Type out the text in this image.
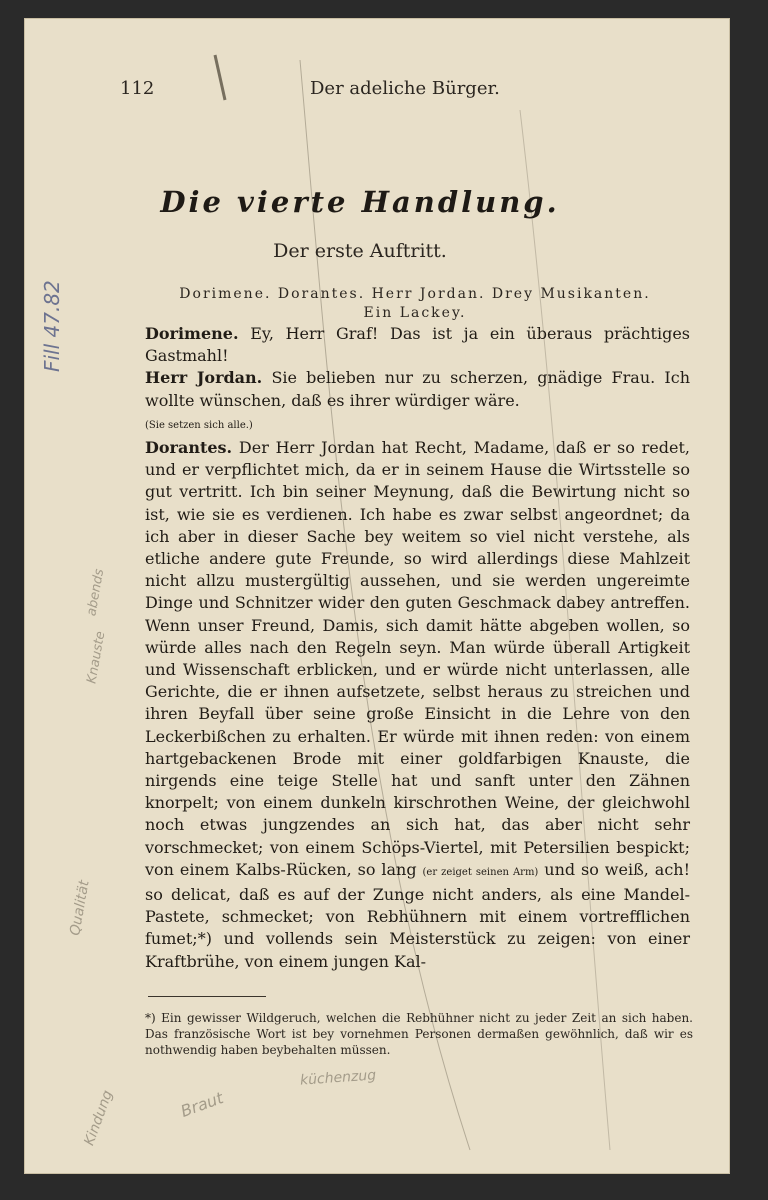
112	Der adeliche Bürger.
Die vierte Handlung.
Der erste Auftritt.
Dorimene. Dorantes. Herr Jordan. Drey Musikanten.
Ein Lackey.

Dorimene. Ey, Herr Graf! Das ist ja ein überaus prächtiges Gastmahl!

Herr Jordan. Sie belieben nur zu scherzen, gnädige Frau. Ich wollte wünschen, daß es ihrer würdiger wäre.
(Sie setzen sich alle.)

Dorantes. Der Herr Jordan hat Recht, Madame, daß er so redet, und er verpflichtet mich, da er in seinem Hause die Wirtsstelle so gut vertritt. Ich bin seiner Meynung, daß die Bewirtung nicht so ist, wie sie es verdienen. Ich habe es zwar selbst angeordnet; da ich aber in dieser Sache bey weitem so viel nicht verstehe, als etliche andere gute Freunde, so wird allerdings diese Mahlzeit nicht allzu mustergültig aussehen, und sie werden ungereimte Dinge und Schnitzer wider den guten Geschmack dabey antreffen. Wenn unser Freund, Damis, sich damit hätte abgeben wollen, so würde alles nach den Regeln seyn. Man würde überall Artigkeit und Wissenschaft erblicken, und er würde nicht unterlassen, alle Gerichte, die er ihnen aufsetzete, selbst heraus zu streichen und ihren Beyfall über seine große Einsicht in die Lehre von den Leckerbißchen zu erhalten. Er würde mit ihnen reden: von einem hartgebackenen Brode mit einer goldfarbigen Knauste, die nirgends eine teige Stelle hat und sanft unter den Zähnen knorpelt; von einem dunkeln kirschrothen Weine, der gleichwohl noch etwas jungzendes an sich hat, das aber nicht sehr vorschmecket; von einem Schöps-Viertel, mit Petersilien bespickt; von einem Kalbs-Rücken, so lang (er zeiget seinen Arm) und so weiß, ach! so delicat, daß es auf der Zunge nicht anders, als eine Mandel-Pastete, schmecket; von Rebhühnern mit einem vortrefflichen fumet;*) und vollends sein Meisterstück zu zeigen: von einer Kraftbrühe, von einem jungen Kal-

*) Ein gewisser Wildgeruch, welchen die Rebhühner nicht zu jeder Zeit an sich haben. Das französische Wort ist bey vornehmen Personen dermaßen gewöhnlich, daß wir es nothwendig haben beybehalten müssen.
Fill 47.82
abends
Knauste
Qualität
Braut
Kindung
küchenzug
